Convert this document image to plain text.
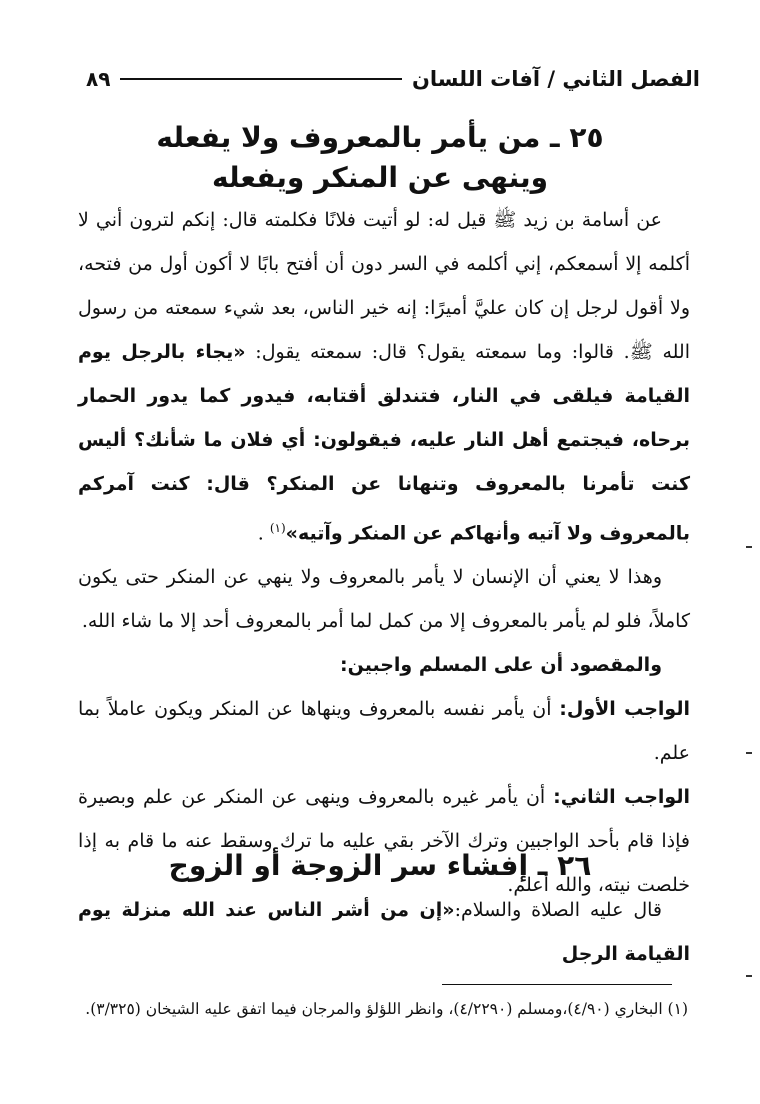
الفصل الثاني / آفات اللسان
٨٩
٢٥ ـ من يأمر بالمعروف ولا يفعله
وينهى عن المنكر ويفعله

عن أسامة بن زيد ﷺ قيل له: لو أتيت فلانًا فكلمته قال: إنكم لترون أني لا أكلمه إلا أسمعكم، إني أكلمه في السر دون أن أفتح بابًا لا أكون أول من فتحه، ولا أقول لرجل إن كان عليَّ أميرًا: إنه خير الناس، بعد شيء سمعته من رسول الله ﷺ. قالوا: وما سمعته يقول؟ قال: سمعته يقول: «يجاء بالرجل يوم القيامة فيلقى في النار، فتندلق أقتابه، فيدور كما يدور الحمار برحاه، فيجتمع أهل النار عليه، فيقولون: أي فلان ما شأنك؟ أليس كنت تأمرنا بالمعروف وتنهانا عن المنكر؟ قال: كنت آمركم بالمعروف ولا آتيه وأنهاكم عن المنكر وآتيه»$^{(١)}$ .

وهذا لا يعني أن الإنسان لا يأمر بالمعروف ولا ينهي عن المنكر حتى يكون كاملاً، فلو لم يأمر بالمعروف إلا من كمل لما أمر بالمعروف أحد إلا ما شاء الله.

والمقصود أن على المسلم واجبين:

الواجب الأول: أن يأمر نفسه بالمعروف وينهاها عن المنكر ويكون عاملاً بما علم.

الواجب الثاني: أن يأمر غيره بالمعروف وينهى عن المنكر عن علم وبصيرة فإذا قام بأحد الواجبين وترك الآخر بقي عليه ما ترك وسقط عنه ما قام به إذا خلصت نيته، والله أعلم.

٢٦ ـ إفشاء سر الزوجة أو الزوج

قال عليه الصلاة والسلام:«إن من أشر الناس عند الله منزلة يوم القيامة الرجل

(١) البخاري (٤/٩٠)،ومسلم (٤/٢٢٩٠)، وانظر اللؤلؤ والمرجان فيما اتفق عليه الشيخان (٣/٣٢٥).
